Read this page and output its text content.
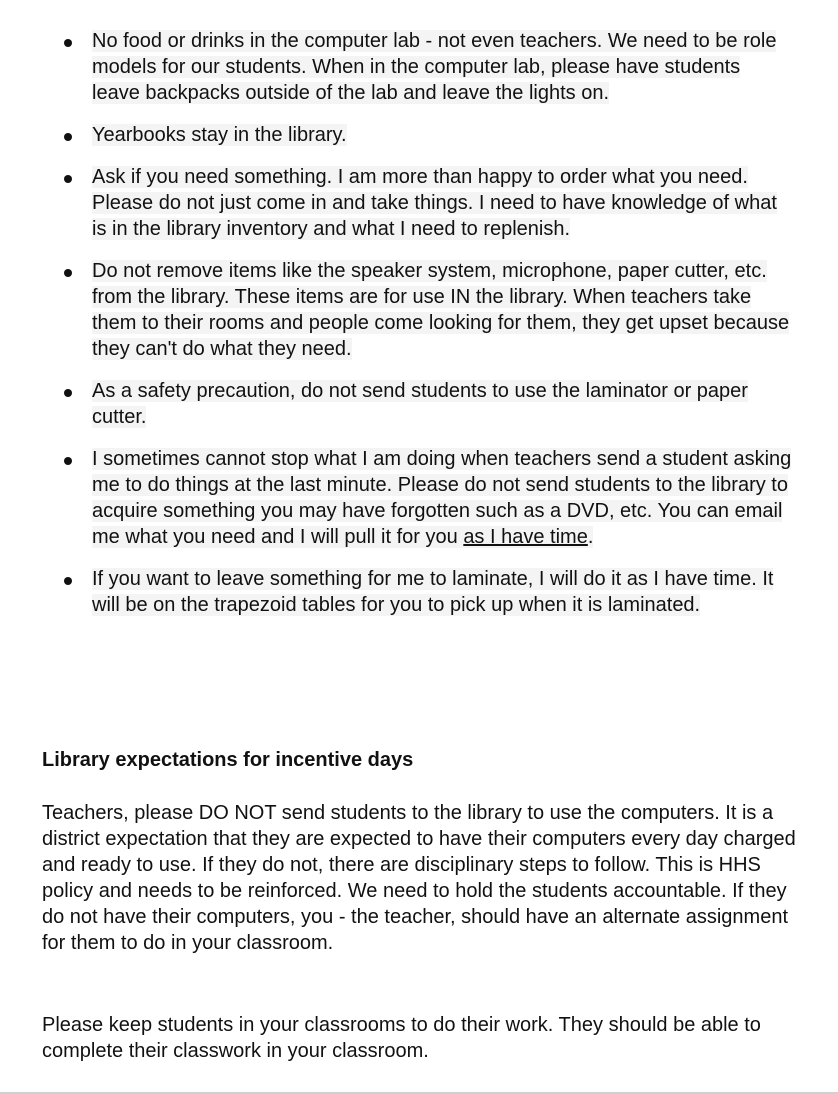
No food or drinks in the computer lab - not even teachers. We need to be role models for our students. When in the computer lab, please have students leave backpacks outside of the lab and leave the lights on.
Yearbooks stay in the library.
Ask if you need something. I am more than happy to order what you need. Please do not just come in and take things. I need to have knowledge of what is in the library inventory and what I need to replenish.
Do not remove items like the speaker system, microphone, paper cutter, etc. from the library. These items are for use IN the library. When teachers take them to their rooms and people come looking for them, they get upset because they can't do what they need.
As a safety precaution, do not send students to use the laminator or paper cutter.
I sometimes cannot stop what I am doing when teachers send a student asking me to do things at the last minute. Please do not send students to the library to acquire something you may have forgotten such as a DVD, etc. You can email me what you need and I will pull it for you as I have time.
If you want to leave something for me to laminate, I will do it as I have time. It will be on the trapezoid tables for you to pick up when it is laminated.
Library expectations for incentive days

Teachers, please DO NOT send students to the library to use the computers. It is a district expectation that they are expected to have their computers every day charged and ready to use. If they do not, there are disciplinary steps to follow. This is HHS policy and needs to be reinforced. We need to hold the students accountable. If they do not have their computers, you - the teacher, should have an alternate assignment for them to do in your classroom.

Please keep students in your classrooms to do their work. They should be able to complete their classwork in your classroom.
